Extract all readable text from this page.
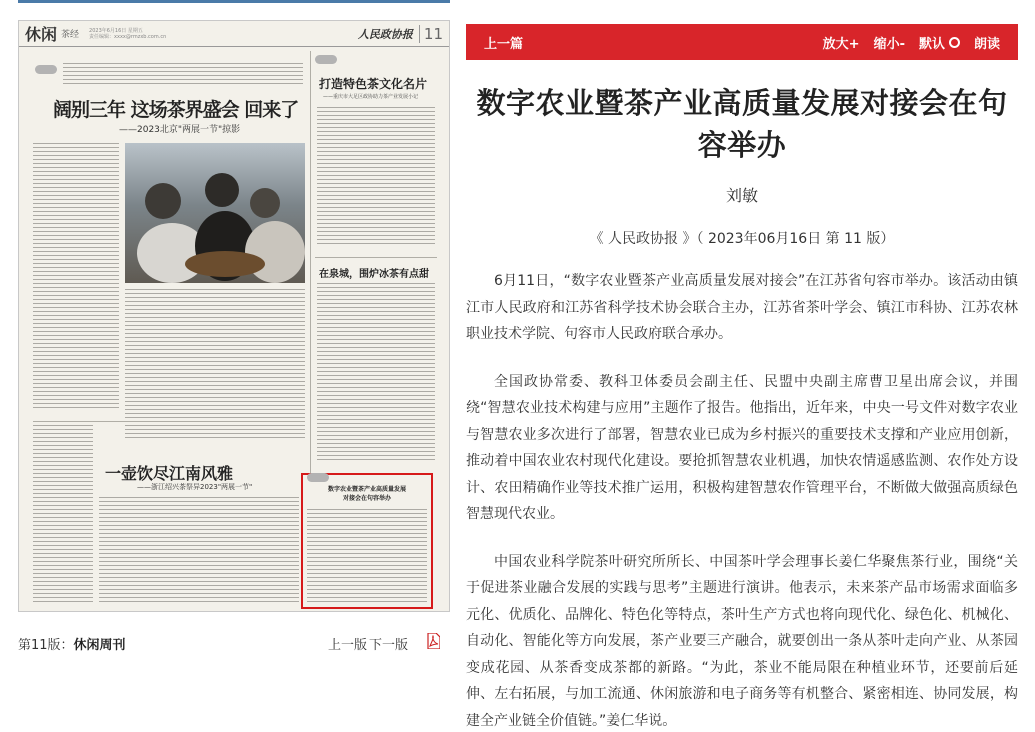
休闲 茶经 2023年6月16日 星期五
责任编辑：xxxx@rmzxb.com.cn	人民政协报 11
阔别三年 这场茶界盛会 回来了
——2023北京"两展一节"掠影
打造特色茶文化名片
——重庆市大足区政协助力茶产业发展小记
在泉城，围炉冰茶有点甜
一壶饮尽江南风雅
——浙江绍兴茶祭异2023"两展一节"	数字农业暨茶产业高质量发展
对接会在句容举办
第11版：休闲周刊	上一版 下一版
上一篇	放大+ 缩小- 默认 朗读
数字农业暨茶产业高质量发展对接会在句容举办
刘敏
《 人民政协报 》（ 2023年06月16日 第 11 版）

6月11日，“数字农业暨茶产业高质量发展对接会”在江苏省句容市举办。该活动由镇江市人民政府和江苏省科学技术协会联合主办，江苏省茶叶学会、镇江市科协、江苏农林职业技术学院、句容市人民政府联合承办。

全国政协常委、教科卫体委员会副主任、民盟中央副主席曹卫星出席会议，并围绕“智慧农业技术构建与应用”主题作了报告。他指出，近年来，中央一号文件对数字农业与智慧农业多次进行了部署，智慧农业已成为乡村振兴的重要技术支撑和产业应用创新，推动着中国农业农村现代化建设。要抢抓智慧农业机遇，加快农情遥感监测、农作处方设计、农田精确作业等技术推广运用，积极构建智慧农作管理平台，不断做大做强高质绿色智慧现代农业。

中国农业科学院茶叶研究所所长、中国茶叶学会理事长姜仁华聚焦茶行业，围绕“关于促进茶业融合发展的实践与思考”主题进行演讲。他表示，未来茶产品市场需求面临多元化、优质化、品牌化、特色化等特点，茶叶生产方式也将向现代化、绿色化、机械化、自动化、智能化等方向发展，茶产业要三产融合，就要创出一条从茶叶走向产业、从茶园变成花园、从茶香变成茶都的新路。“为此，茶业不能局限在种植业环节，还要前后延伸、左右拓展，与加工流通、休闲旅游和电子商务等有机整合、紧密相连、协同发展，构建全产业链全价值链。”姜仁华说。
